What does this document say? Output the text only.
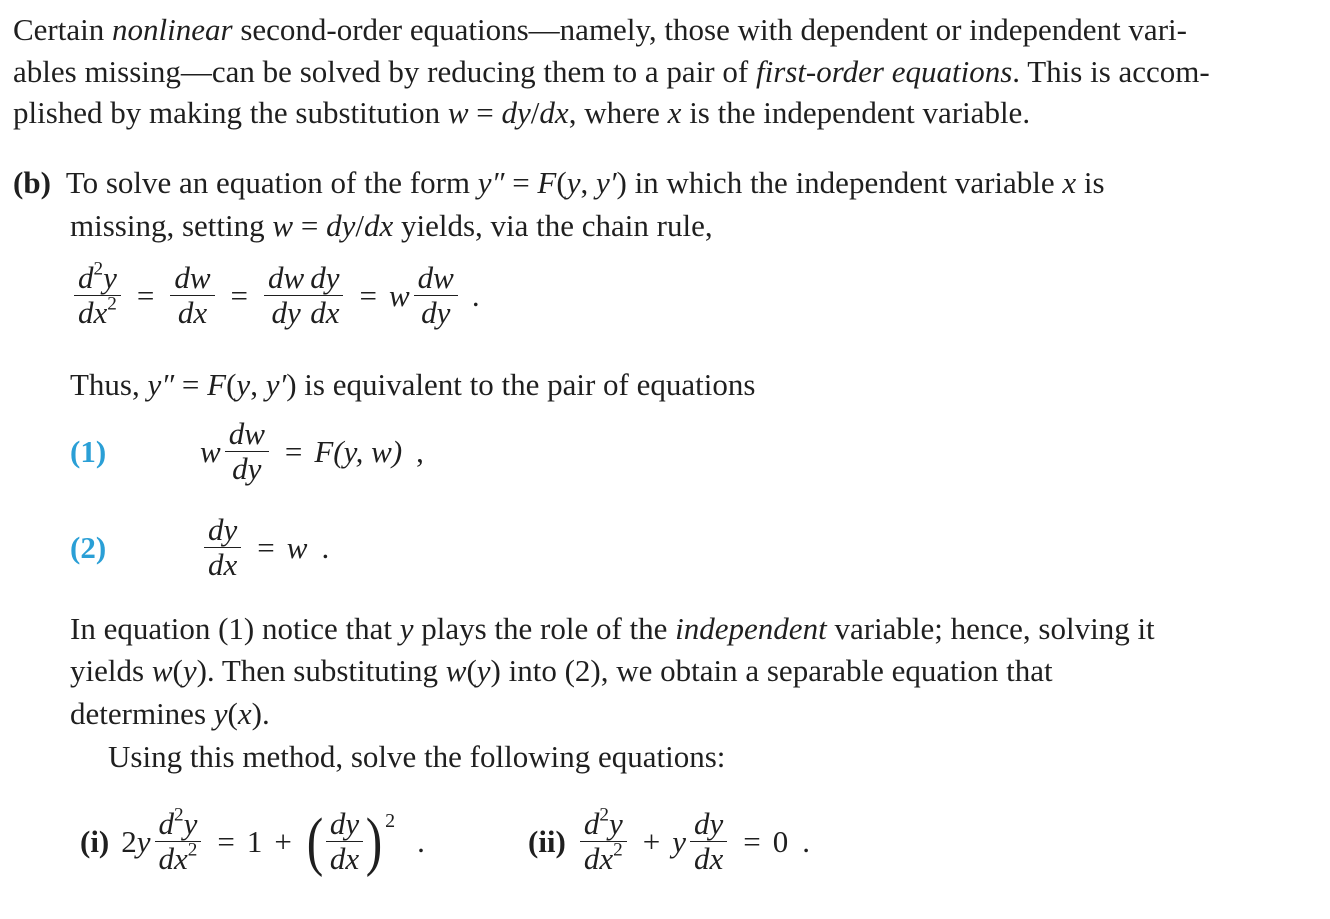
Certain nonlinear second-order equations—namely, those with dependent or independent vari-
ables missing—can be solved by reducing them to a pair of first-order equations. This is accom-
plished by making the substitution w = dy/dx, where x is the independent variable.
(b) To solve an equation of the form y″ = F(y, y′) in which the independent variable x is
missing, setting w = dy/dx yields, via the chain rule,
$\frac{d^2y}{dx^2} = \frac{dw}{dx} = \frac{dw}{dy}$
$\frac{dy}{dx} = w \frac{dw}{dy}$ .
Thus, y″ = F(y, y′) is equivalent to the pair of equations
(1)	w $\frac{dw}{dy} = F$ (y, w) ,
(2)	$\frac{dy}{dx} = w$ .
In equation (1) notice that y plays the role of the independent variable; hence, solving it
yields w(y). Then substituting w(y) into (2), we obtain a separable equation that
determines y(x).
Using this method, solve the following equations:
(i) 2 y $\frac{d^2y}{dx^2} = 1$ + ( $\frac{dy}{dx}$ ) 2
.	$(ii) \frac{d^2y}{dx^2} + y \frac{dy}{dx} = 0$ .
